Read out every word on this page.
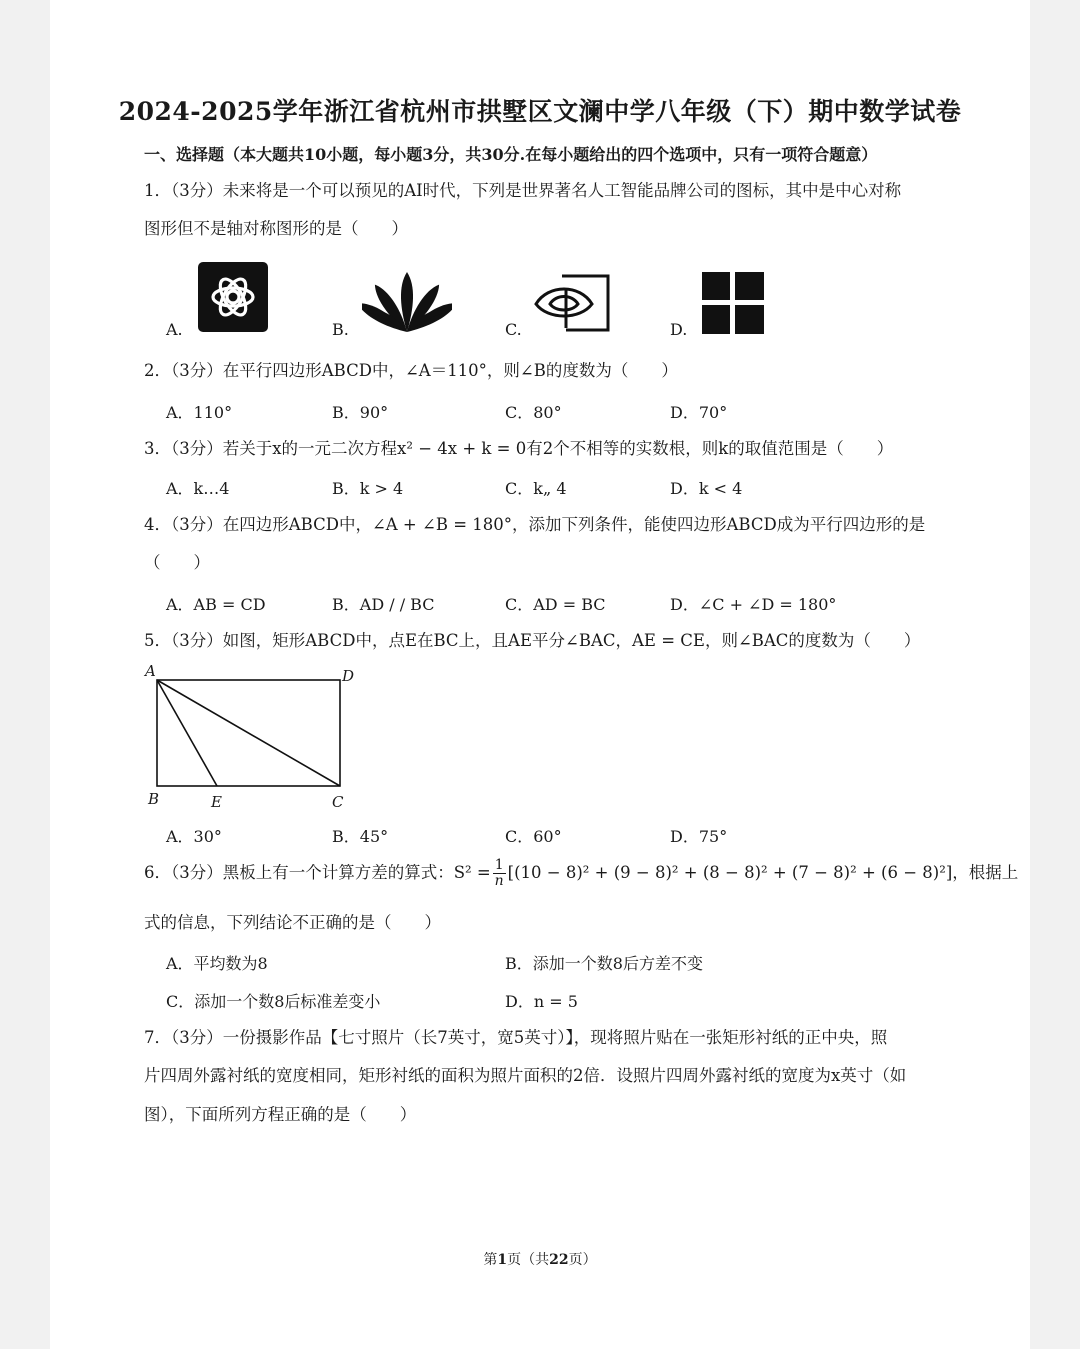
2024-2025学年浙江省杭州市拱墅区文澜中学八年级（下）期中数学试卷
一、选择题（本大题共10小题，每小题3分，共30分.在每小题给出的四个选项中，只有一项符合题意）
1．（3分）未来将是一个可以预见的AI时代，下列是世界著名人工智能品牌公司的图标，其中是中心对称
图形但不是轴对称图形的是（　　）
A.	B.	C.	D.
2．（3分）在平行四边形ABCD中，∠A＝110°，则∠B的度数为（　　）
A．110°	B．90°	C．80°	D．70°
3．（3分）若关于x的一元二次方程x² − 4x + k = 0有2个不相等的实数根，则k的取值范围是（　　）
A．k…4	B．k > 4	C．k„ 4	D．k < 4
4．（3分）在四边形ABCD中，∠A + ∠B = 180°，添加下列条件，能使四边形ABCD成为平行四边形的是
（　　）
A．AB = CD	B．AD / / BC	C．AD = BC	D．∠C + ∠D = 180°
5．（3分）如图，矩形ABCD中，点E在BC上，且AE平分∠BAC，AE = CE，则∠BAC的度数为（　　）
A	D
B	E	C
A．30°	B．45°	C．60°	D．75°
6．（3分）黑板上有一个计算方差的算式：$S^2 = \frac{1}{n} [(10 - 8)^2 + (9 - 8)^2 + (8 - 8)^2 + (7 - 8)^2 + (6 - 8)^2]$，根据上
式的信息，下列结论不正确的是（　　）
A．平均数为8	B．添加一个数8后方差不变
C．添加一个数8后标准差变小	D．n = 5
7．（3分）一份摄影作品【七寸照片（长7英寸，宽5英寸）】，现将照片贴在一张矩形衬纸的正中央，照
片四周外露衬纸的宽度相同，矩形衬纸的面积为照片面积的2倍．设照片四周外露衬纸的宽度为x英寸（如
图），下面所列方程正确的是（　　）
第1页（共22页）
